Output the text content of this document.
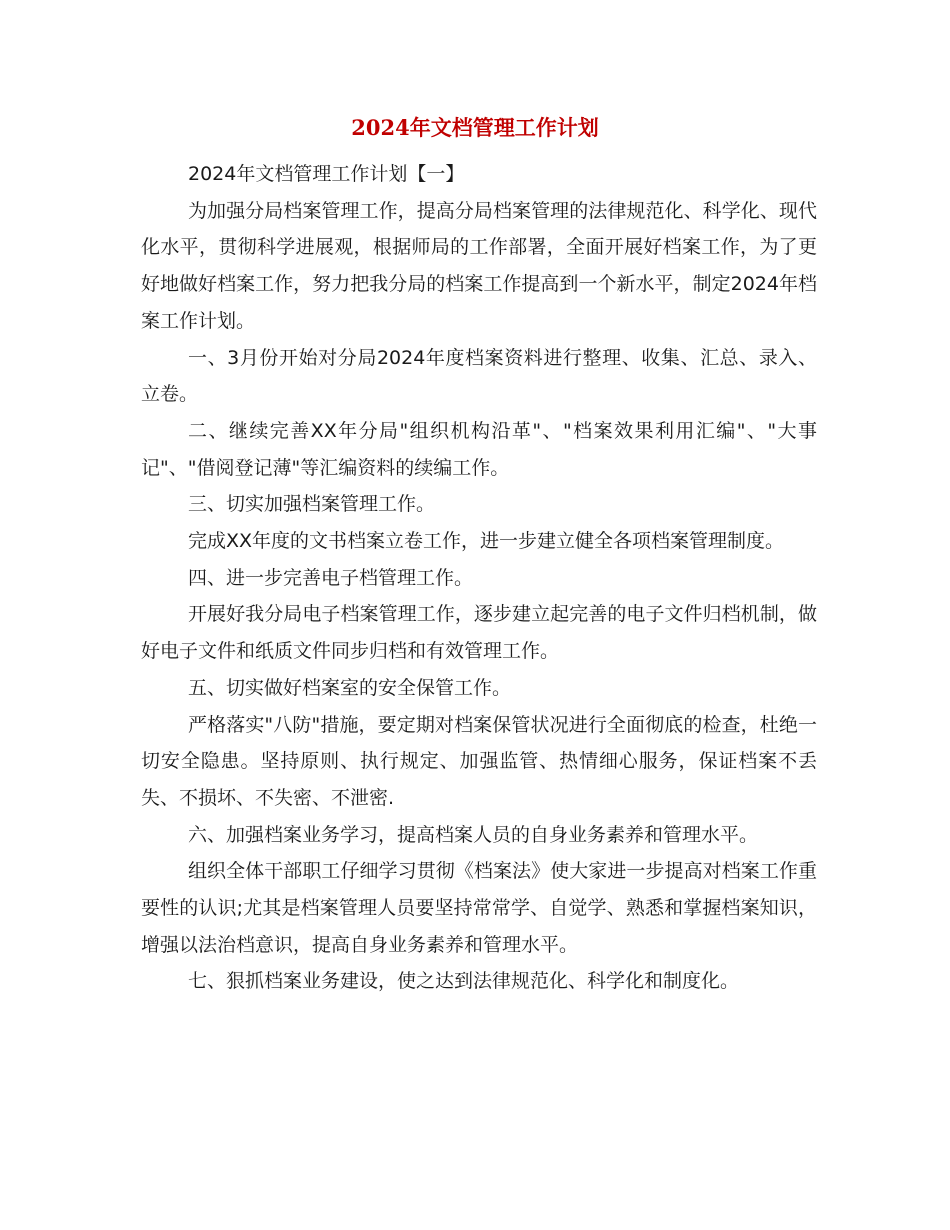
2024年文档管理工作计划

2024年文档管理工作计划【一】

为加强分局档案管理工作，提高分局档案管理的法律规范化、科学化、现代化水平，贯彻科学进展观，根据师局的工作部署，全面开展好档案工作，为了更好地做好档案工作，努力把我分局的档案工作提高到一个新水平，制定2024年档案工作计划。

一、3月份开始对分局2024年度档案资料进行整理、收集、汇总、录入、立卷。

二、继续完善XX年分局"组织机构沿革"、"档案效果利用汇编"、"大事记"、"借阅登记薄"等汇编资料的续编工作。

三、切实加强档案管理工作。

完成XX年度的文书档案立卷工作，进一步建立健全各项档案管理制度。

四、进一步完善电子档管理工作。

开展好我分局电子档案管理工作，逐步建立起完善的电子文件归档机制，做好电子文件和纸质文件同步归档和有效管理工作。

五、切实做好档案室的安全保管工作。

严格落实"八防"措施，要定期对档案保管状况进行全面彻底的检查，杜绝一切安全隐患。坚持原则、执行规定、加强监管、热情细心服务，保证档案不丢失、不损坏、不失密、不泄密.

六、加强档案业务学习，提高档案人员的自身业务素养和管理水平。

组织全体干部职工仔细学习贯彻《档案法》使大家进一步提高对档案工作重要性的认识;尤其是档案管理人员要坚持常常学、自觉学、熟悉和掌握档案知识，增强以法治档意识，提高自身业务素养和管理水平。

七、狠抓档案业务建设，使之达到法律规范化、科学化和制度化。
